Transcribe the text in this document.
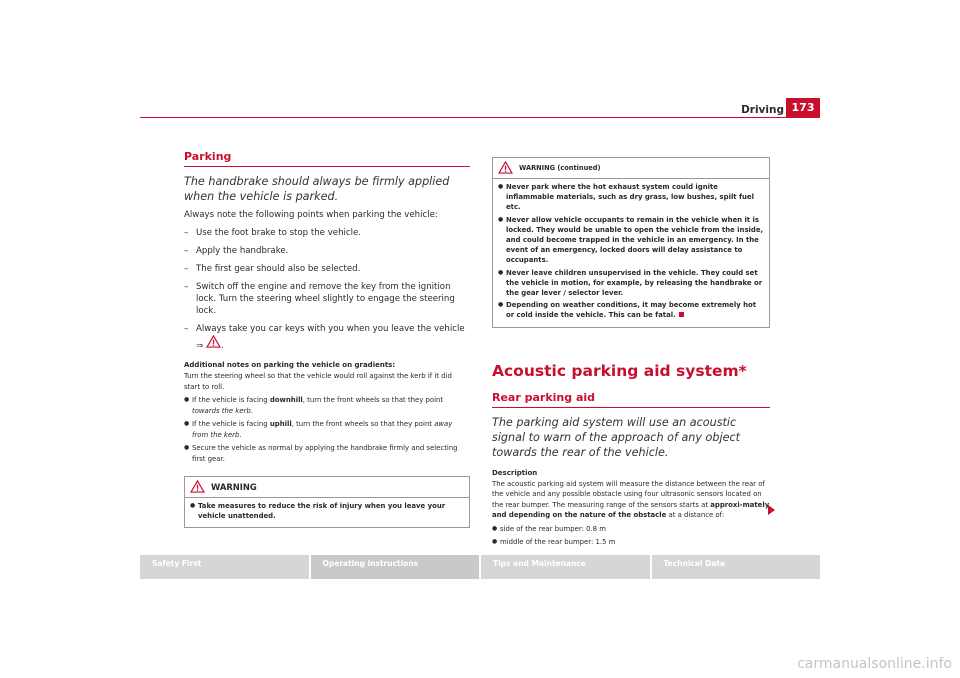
Driving 173
Parking
The handbrake should always be firmly applied when the vehicle is parked.
Always note the following points when parking the vehicle:
– Use the foot brake to stop the vehicle.
– Apply the handbrake.
– The first gear should also be selected.
– Switch off the engine and remove the key from the ignition lock. Turn the steering wheel slightly to engage the steering lock.
– Always take you car keys with you when you leave the vehicle
⇒ .
Additional notes on parking the vehicle on gradients:
Turn the steering wheel so that the vehicle would roll against the kerb if it did start to roll.
● If the vehicle is facing downhill, turn the front wheels so that they point towards the kerb.
● If the vehicle is facing uphill, turn the front wheels so that they point away from the kerb.
● Secure the vehicle as normal by applying the handbrake firmly and selecting first gear.
WARNING
● Take measures to reduce the risk of injury when you leave your vehicle unattended.
WARNING (continued)
● Never park where the hot exhaust system could ignite inflammable materials, such as dry grass, low bushes, spilt fuel etc.
● Never allow vehicle occupants to remain in the vehicle when it is locked. They would be unable to open the vehicle from the inside, and could become trapped in the vehicle in an emergency. In the event of an emergency, locked doors will delay assistance to occupants.
● Never leave children unsupervised in the vehicle. They could set the vehicle in motion, for example, by releasing the handbrake or the gear lever / selector lever.
● Depending on weather conditions, it may become extremely hot or cold inside the vehicle. This can be fatal.
Acoustic parking aid system*
Rear parking aid
The parking aid system will use an acoustic signal to warn of the approach of any object towards the rear of the vehicle.
Description
The acoustic parking aid system will measure the distance between the rear of the vehicle and any possible obstacle using four ultrasonic sensors located on the rear bumper. The measuring range of the sensors starts at approxi-mately and depending on the nature of the obstacle at a distance of:
● side of the rear bumper: 0.8 m
● middle of the rear bumper: 1.5 m
Safety First	Operating instructions	Tips and Maintenance	Technical Data
carmanualsonline.info
